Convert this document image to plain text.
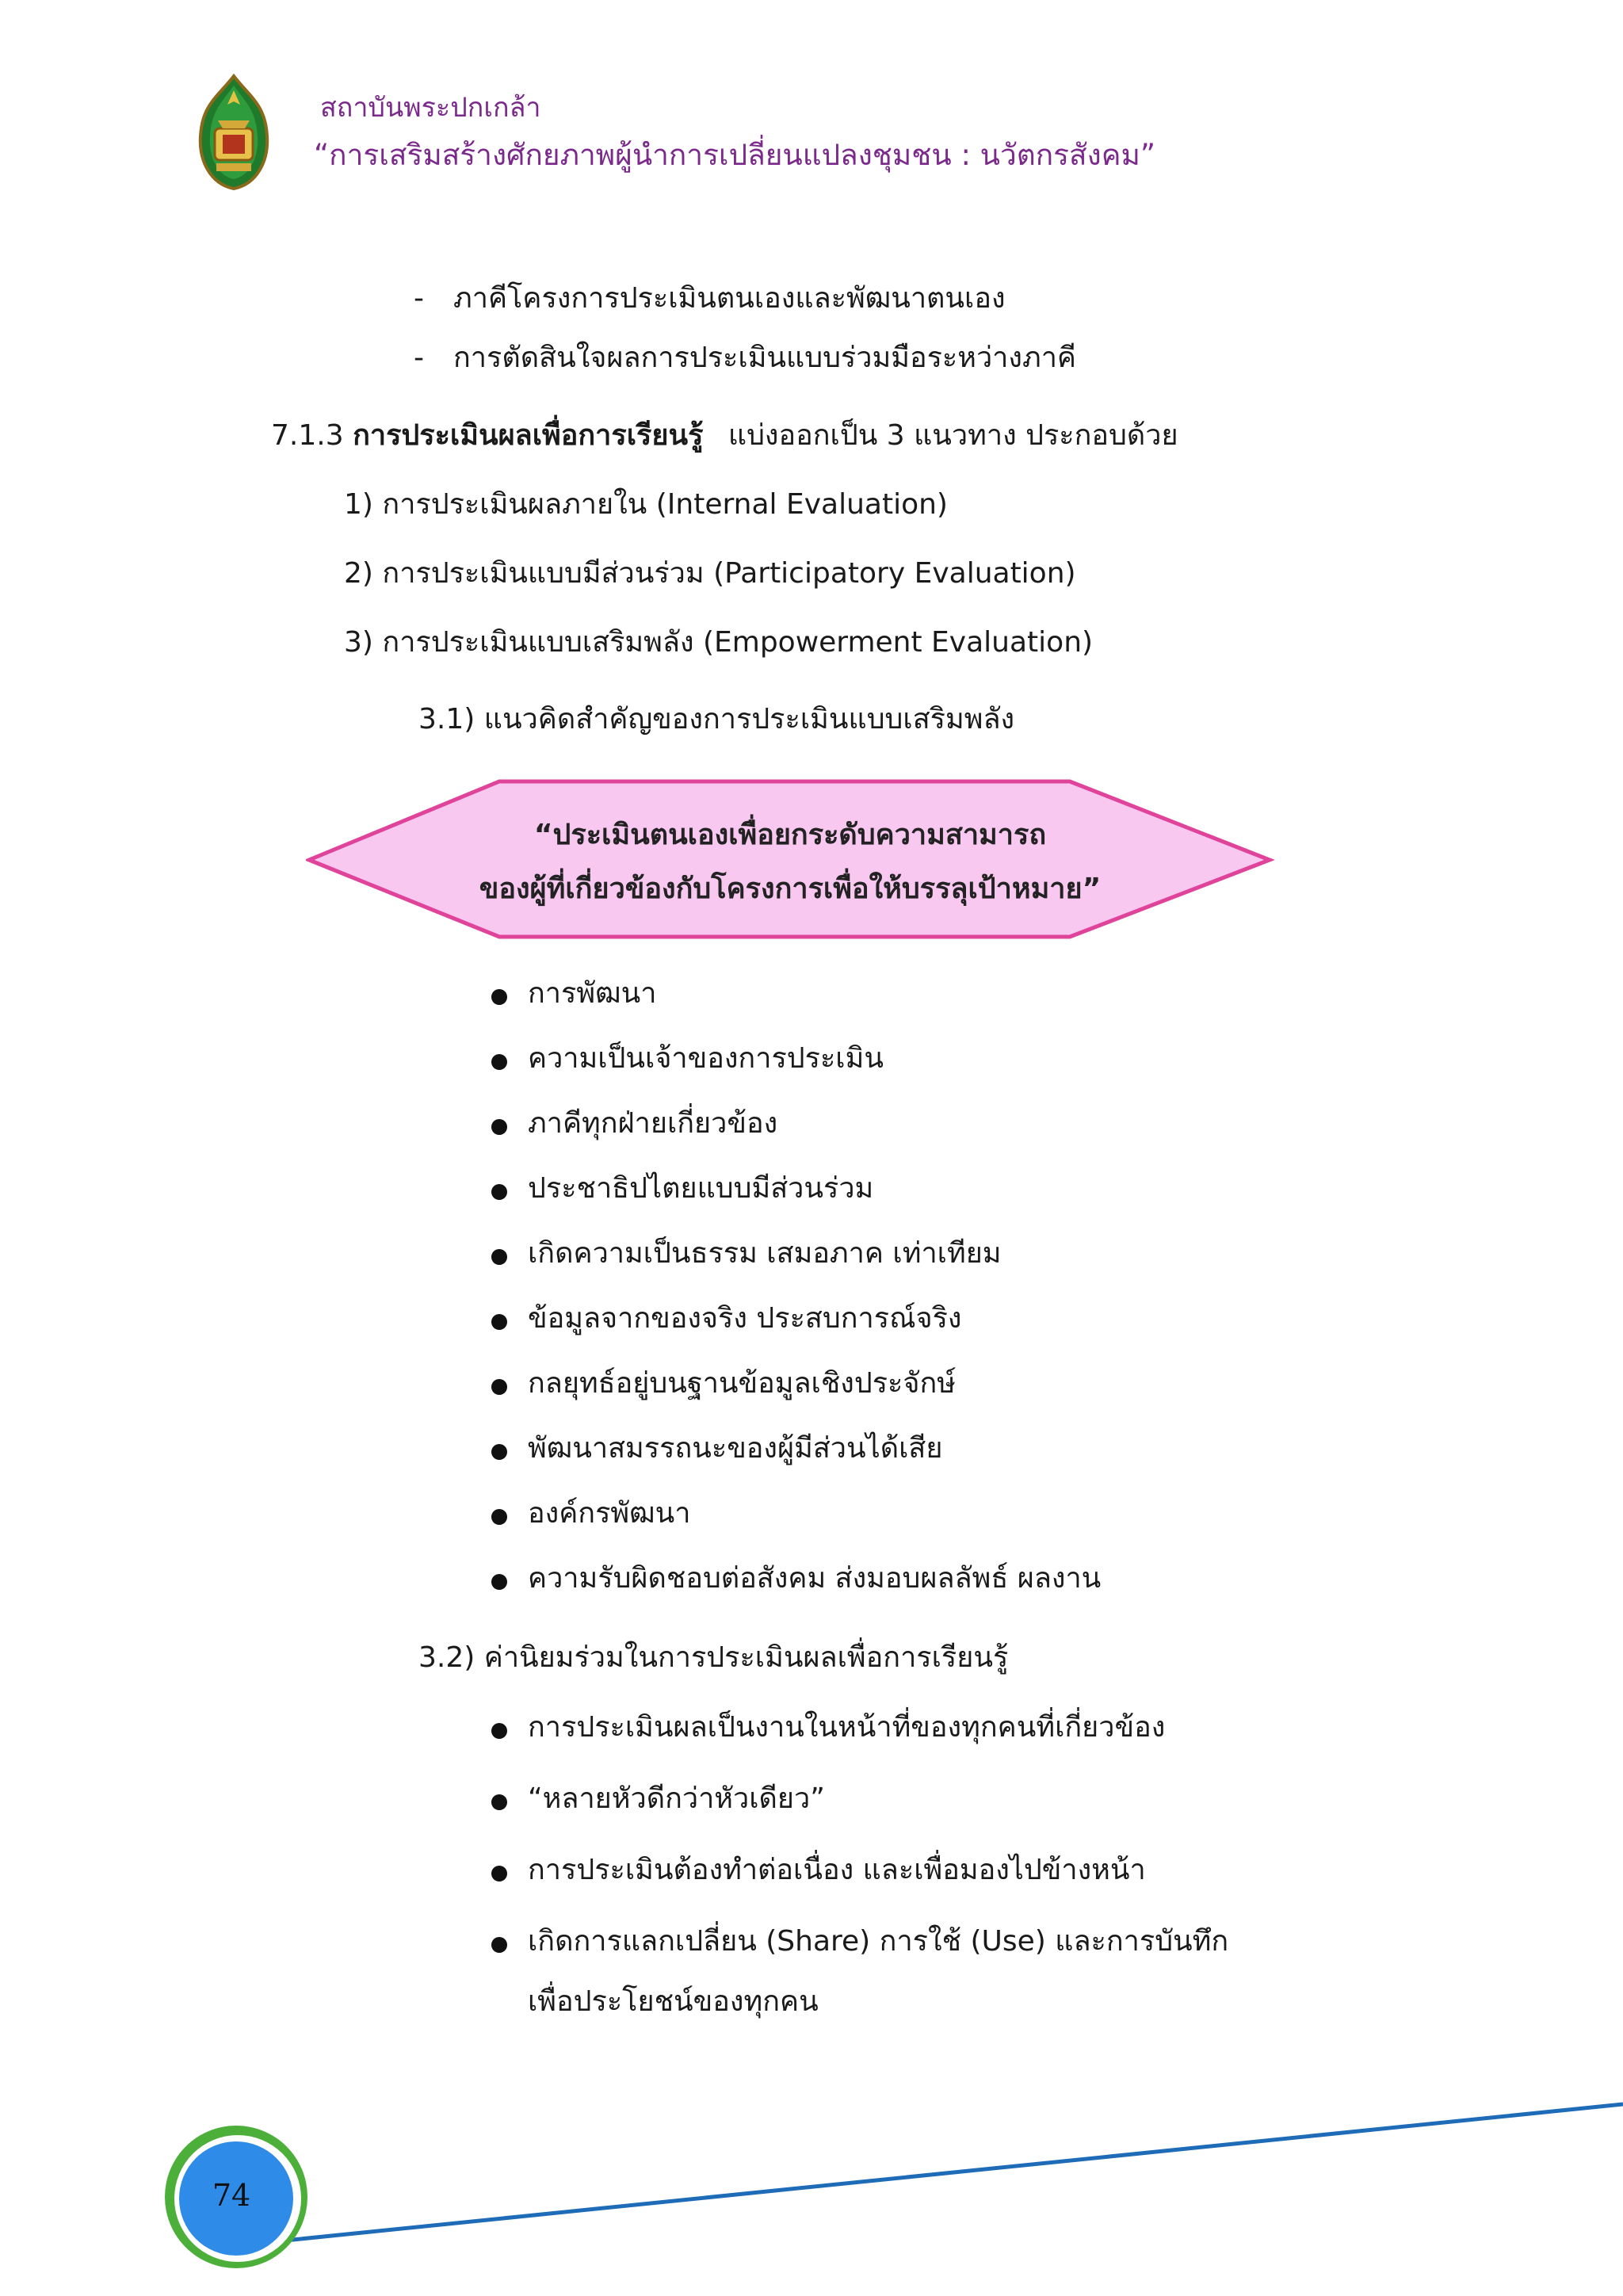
สถาบันพระปกเกล้า
“การเสริมสร้างศักยภาพผู้นำการเปลี่ยนแปลงชุมชน : นวัตกรสังคม”
- ภาคีโครงการประเมินตนเองและพัฒนาตนเอง
- การตัดสินใจผลการประเมินแบบร่วมมือระหว่างภาคี
7.1.3 การประเมินผลเพื่อการเรียนรู้ แบ่งออกเป็น 3 แนวทาง ประกอบด้วย
1) การประเมินผลภายใน (Internal Evaluation)
2) การประเมินแบบมีส่วนร่วม (Participatory Evaluation)
3) การประเมินแบบเสริมพลัง (Empowerment Evaluation)
3.1) แนวคิดสำคัญของการประเมินแบบเสริมพลัง
“ประเมินตนเองเพื่อยกระดับความสามารถ
ของผู้ที่เกี่ยวข้องกับโครงการเพื่อให้บรรลุเป้าหมาย”
การพัฒนา
ความเป็นเจ้าของการประเมิน
ภาคีทุกฝ่ายเกี่ยวข้อง
ประชาธิปไตยแบบมีส่วนร่วม
เกิดความเป็นธรรม เสมอภาค เท่าเทียม
ข้อมูลจากของจริง ประสบการณ์จริง
กลยุทธ์อยู่บนฐานข้อมูลเชิงประจักษ์
พัฒนาสมรรถนะของผู้มีส่วนได้เสีย
องค์กรพัฒนา
ความรับผิดชอบต่อสังคม ส่งมอบผลลัพธ์ ผลงาน
3.2) ค่านิยมร่วมในการประเมินผลเพื่อการเรียนรู้
การประเมินผลเป็นงานในหน้าที่ของทุกคนที่เกี่ยวข้อง
“หลายหัวดีกว่าหัวเดียว”
การประเมินต้องทำต่อเนื่อง และเพื่อมองไปข้างหน้า
เกิดการแลกเปลี่ยน (Share) การใช้ (Use) และการบันทึก
เพื่อประโยชน์ของทุกคน
74
